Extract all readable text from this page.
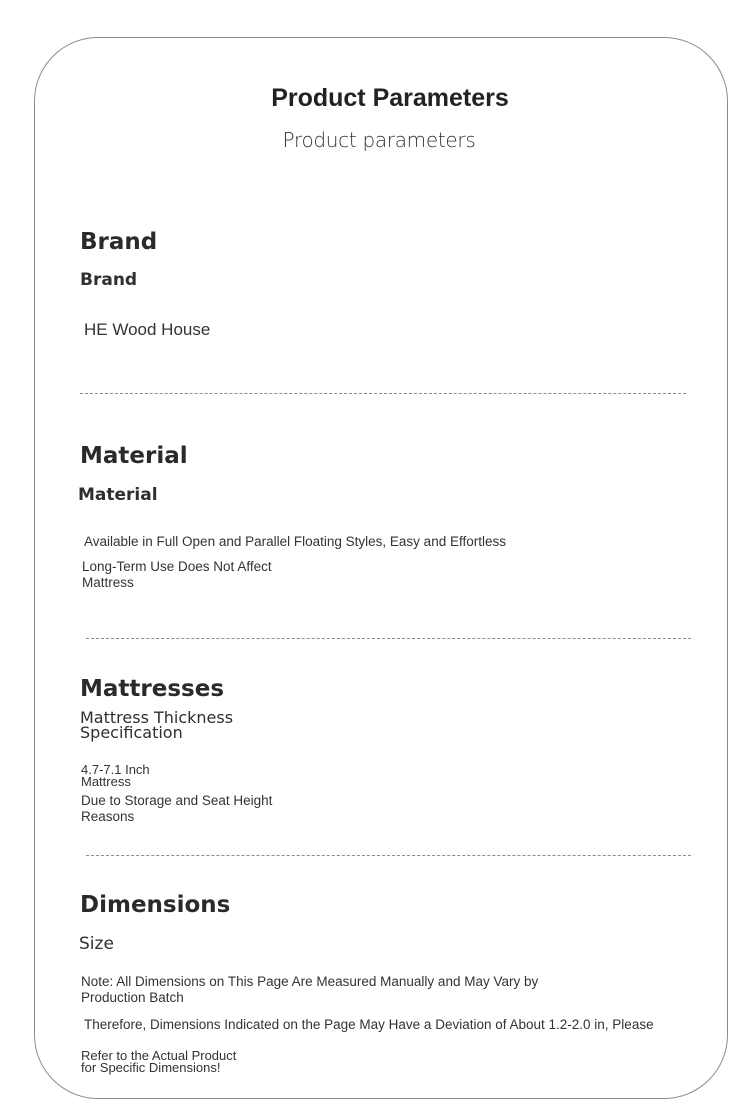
Product Parameters
Product parameters
Brand
Brand
HE Wood House
Material
Material
Available in Full Open and Parallel Floating Styles, Easy and Effortless
Long-Term Use Does Not Affect
Mattress
Mattresses
Mattress Thickness
Specification
4.7-7.1 Inch
Mattress
Due to Storage and Seat Height
Reasons
Dimensions
Size
Note: All Dimensions on This Page Are Measured Manually and May Vary by
Production Batch
Therefore, Dimensions Indicated on the Page May Have a Deviation of About 1.2-2.0 in, Please
Refer to the Actual Product
for Specific Dimensions!
